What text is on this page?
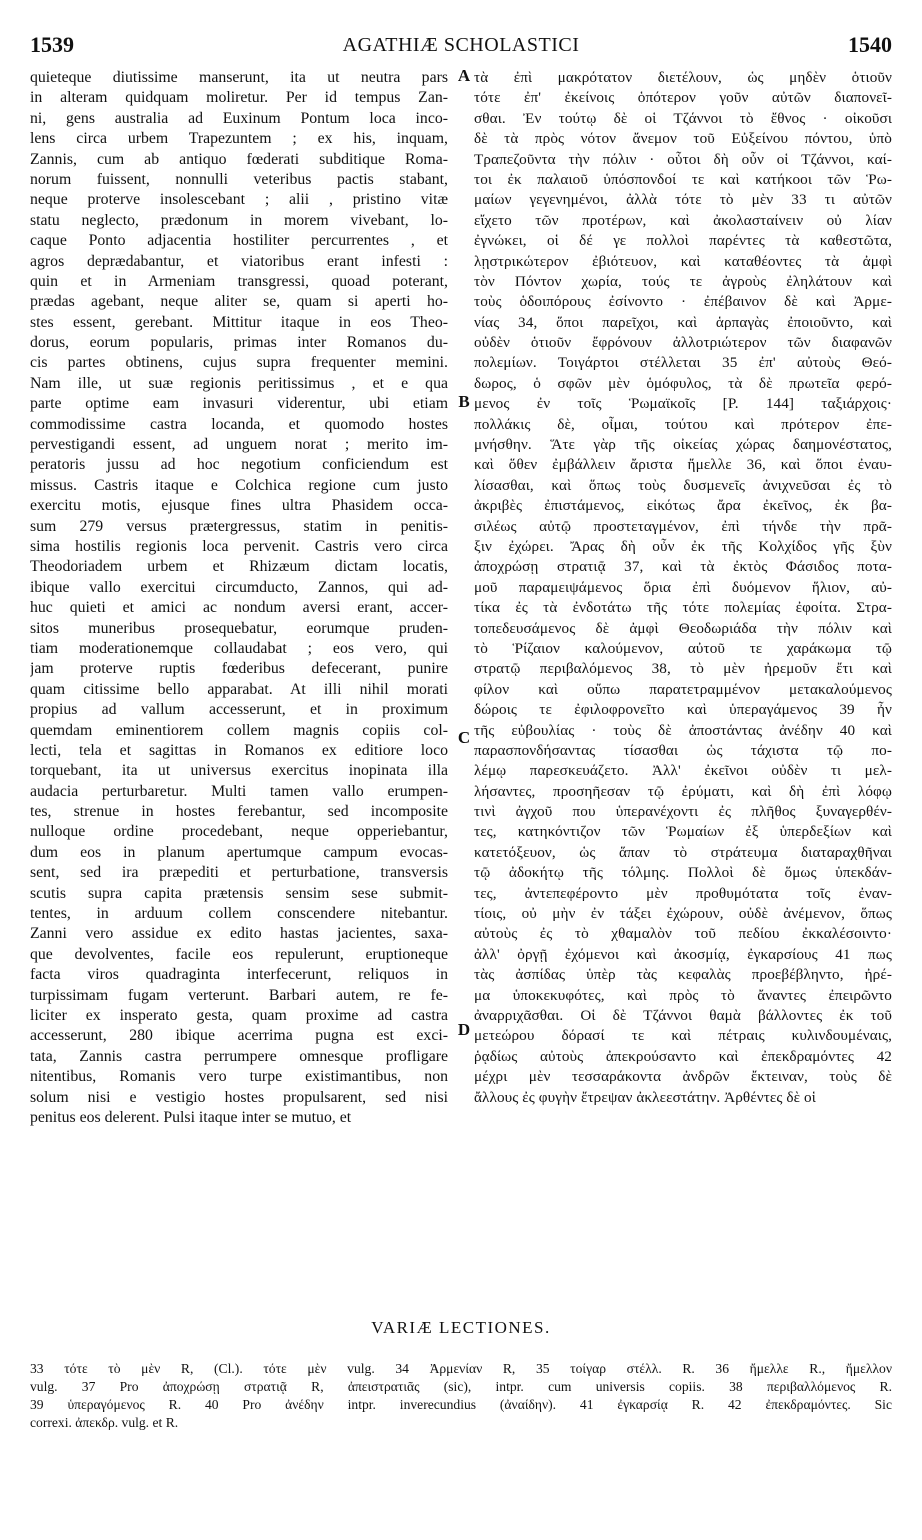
1539	AGATHIÆ SCHOLASTICI	1540
quieteque diutissime manserunt, ita ut neutra pars
in alteram quidquam moliretur. Per id tempus Zan-
ni, gens australia ad Euxinum Pontum loca inco-
lens circa urbem Trapezuntem ; ex his, inquam,
Zannis, cum ab antiquo fœderati subditique Roma-
norum fuissent, nonnulli veteribus pactis stabant,
neque proterve insolescebant ; alii , pristino vitæ
statu neglecto, prædonum in morem vivebant, lo-
caque Ponto adjacentia hostiliter percurrentes , et
agros deprædabantur, et viatoribus erant infesti :
quin et in Armeniam transgressi, quoad poterant,
prædas agebant, neque aliter se, quam si aperti ho-
stes essent, gerebant. Mittitur itaque in eos Theo-
dorus, eorum popularis, primas inter Romanos du-
cis partes obtinens, cujus supra frequenter memini.
Nam ille, ut suæ regionis peritissimus , et e qua
parte optime eam invasuri viderentur, ubi etiam
commodissime castra locanda, et quomodo hostes
pervestigandi essent, ad unguem norat ; merito im-
peratoris jussu ad hoc negotium conficiendum est
missus. Castris itaque e Colchica regione cum justo
exercitu motis, ejusque fines ultra Phasidem occa-
sum 279 versus prætergressus, statim in penitis-
sima hostilis regionis loca pervenit. Castris vero circa
Theodoriadem urbem et Rhizæum dictam locatis,
ibique vallo exercitui circumducto, Zannos, qui ad-
huc quieti et amici ac nondum aversi erant, accer-
sitos muneribus prosequebatur, eorumque pruden-
tiam moderationemque collaudabat ; eos vero, qui
jam proterve ruptis fœderibus defecerant, punire
quam citissime bello apparabat. At illi nihil morati
propius ad vallum accesserunt, et in proximum
quemdam eminentiorem collem magnis copiis col-
lecti, tela et sagittas in Romanos ex editiore loco
torquebant, ita ut universus exercitus inopinata illa
audacia perturbaretur. Multi tamen vallo erumpen-
tes, strenue in hostes ferebantur, sed incomposite
nulloque ordine procedebant, neque opperiebantur,
dum eos in planum apertumque campum evocas-
sent, sed ira præpediti et perturbatione, transversis
scutis supra capita prætensis sensim sese submit-
tentes, in arduum collem conscendere nitebantur.
Zanni vero assidue ex edito hastas jacientes, saxa-
que devolventes, facile eos repulerunt, eruptioneque
facta viros quadraginta interfecerunt, reliquos in
turpissimam fugam verterunt. Barbari autem, re fe-
liciter ex insperato gesta, quam proxime ad castra
accesserunt, 280 ibique acerrima pugna est exci-
tata, Zannis castra perrumpere omnesque profligare
nitentibus, Romanis vero turpe existimantibus, non
solum nisi e vestigio hostes propulsarent, sed nisi
penitus eos delerent. Pulsi itaque inter se mutuo, et
τὰ ἐπὶ μακρότατον διετέλουν, ὡς μηδὲν ὁτιοῦν
τότε ἐπ' ἐκείνοις ὁπότερον γοῦν αὐτῶν διαπονεῖ-
σθαι. Ἐν τούτῳ δὲ οἱ Τζάννοι τὸ ἔθνος · οἰκοῦσι
δὲ τὰ πρὸς νότον ἄνεμον τοῦ Εὐξείνου πόντου, ὑπὸ
Τραπεζοῦντα τὴν πόλιν · οὗτοι δὴ οὖν οἱ Τζάννοι, καί-
τοι ἐκ παλαιοῦ ὑπόσπονδοί τε καὶ κατήκοοι τῶν Ῥω-
μαίων γεγενημένοι, ἀλλὰ τότε τὸ μὲν 33 τι αὐτῶν
εἴχετο τῶν προτέρων, καὶ ἀκολασταίνειν οὐ λίαν
ἐγνώκει, οἱ δέ γε πολλοὶ παρέντες τὰ καθεστῶτα,
λῃστρικώτερον ἐβιότευον, καὶ καταθέοντες τὰ ἀμφὶ
τὸν Πόντον χωρία, τούς τε ἀγροὺς ἐληλάτουν καὶ
τοὺς ὁδοιπόρους ἐσίνοντο · ἐπέβαινον δὲ καὶ Ἀρμε-
νίας 34, ὅποι παρεῖχοι, καὶ ἁρπαγὰς ἐποιοῦντο, καὶ
οὐδὲν ὁτιοῦν ἔφρόνουν ἀλλοτριώτερον τῶν διαφανῶν
πολεμίων. Τοιγάρτοι στέλλεται 35 ἐπ' αὐτοὺς Θεό-
δωρος, ὁ σφῶν μὲν ὁμόφυλος, τὰ δὲ πρωτεῖα φερό-
μενος ἐν τοῖς Ῥωμαϊκοῖς [P. 144] ταξιάρχοις·
πολλάκις δὲ, οἶμαι, τούτου καὶ πρότερον ἐπε-
μνήσθην. Ἅτε γὰρ τῆς οἰκείας χώρας δαημονέστατος,
καὶ ὅθεν ἐμβάλλειν ἄριστα ἤμελλε 36, καὶ ὅποι ἐναυ-
λίσασθαι, καὶ ὅπως τοὺς δυσμενεῖς ἀνιχνεῦσαι ἐς τὸ
ἀκριβὲς ἐπιστάμενος, εἰκότως ἄρα ἐκεῖνος, ἐκ βα-
σιλέως αὐτῷ προστεταγμένον, ἐπὶ τήνδε τὴν πρᾶ-
ξιν ἐχώρει. Ἄρας δὴ οὖν ἐκ τῆς Κολχίδος γῆς ξὺν
ἀποχρώσῃ στρατιᾷ 37, καὶ τὰ ἐκτὸς Φάσιδος ποτα-
μοῦ παραμειψάμενος ὅρια ἐπὶ δυόμενον ἥλιον, αὐ-
τίκα ἐς τὰ ἐνδοτάτω τῆς τότε πολεμίας ἐφοίτα. Στρα-
τοπεδευσάμενος δὲ ἀμφὶ Θεοδωριάδα τὴν πόλιν καὶ
τὸ Ῥίζαιον καλούμενον, αὐτοῦ τε χαράκωμα τῷ
στρατῷ περιβαλόμενος 38, τὸ μὲν ἠρεμοῦν ἔτι καὶ
φίλον καὶ οὔπω παρατετραμμένον μετακαλούμενος
δώροις τε ἐφιλοφρονεῖτο καὶ ὑπεραγάμενος 39 ἦν
τῆς εὐβουλίας · τοὺς δὲ ἀποστάντας ἀνέδην 40 καὶ
παρασπονδήσαντας τίσασθαι ὡς τάχιστα τῷ πο-
λέμῳ παρεσκευάζετο. Ἀλλ' ἐκεῖνοι οὐδὲν τι μελ-
λήσαντες, προσηῆεσαν τῷ ἐρύματι, καὶ δὴ ἐπὶ λόφῳ
τινὶ ἀγχοῦ που ὑπερανέχοντι ἐς πλῆθος ξυναγερθέν-
τες, κατηκόντιζον τῶν Ῥωμαίων ἐξ ὑπερδεξίων καὶ
κατετόξευον, ὡς ἅπαν τὸ στράτευμα διαταραχθῆναι
τῷ ἀδοκήτῳ τῆς τόλμης. Πολλοὶ δὲ ὅμως ὑπεκδάν-
τες, ἀντεπεφέροντο μὲν προθυμότατα τοῖς ἐναν-
τίοις, οὐ μὴν ἐν τάξει ἐχώρουν, οὐδὲ ἀνέμενον, ὅπως
αὐτοὺς ἐς τὸ χθαμαλὸν τοῦ πεδίου ἐκκαλέσοιντο·
ἀλλ' ὀργῇ ἐχόμενοι καὶ ἀκοσμίᾳ, ἐγκαρσίους 41 πως
τὰς ἀσπίδας ὑπὲρ τὰς κεφαλὰς προεβέβληντο, ἠρέ-
μα ὑποκεκυφότες, καὶ πρὸς τὸ ἄναντες ἐπειρῶντο
ἀναρριχᾶσθαι. Οἱ δὲ Τζάννοι θαμὰ βάλλοντες ἐκ τοῦ
μετεώρου δόρασί τε καὶ πέτραις κυλινδουμέναις,
ῥᾳδίως αὐτοὺς ἀπεκρούσαντο καὶ ἐπεκδραμόντες 42
μέχρι μὲν τεσσαράκοντα ἀνδρῶν ἔκτειναν, τοὺς δὲ
ἄλλους ἐς φυγὴν ἔτρεψαν ἀκλεεστάτην. Ἀρθέντες δὲ οἱ
A
B
C
D
VARIÆ LECTIONES.
33 τότε τὸ μὲν R, (Cl.). τότε μὲν vulg. 34 Ἀρμενίαν R, 35 τοίγαρ στέλλ. R. 36 ἤμελλε R., ἤμελλον
vulg. 37 Pro ἀποχρώσῃ στρατιᾷ R, ἀπειστρατιᾶς (sic), intpr. cum universis copiis. 38 περιβαλλόμενος R.
39 ὑπεραγόμενος R. 40 Pro ἀνέδην intpr. inverecundius (ἀναίδην). 41 ἐγκαρσίᾳ R. 42 ἐπεκδραμόντες. Sic
correxi. ἀπεκδρ. vulg. et R.
